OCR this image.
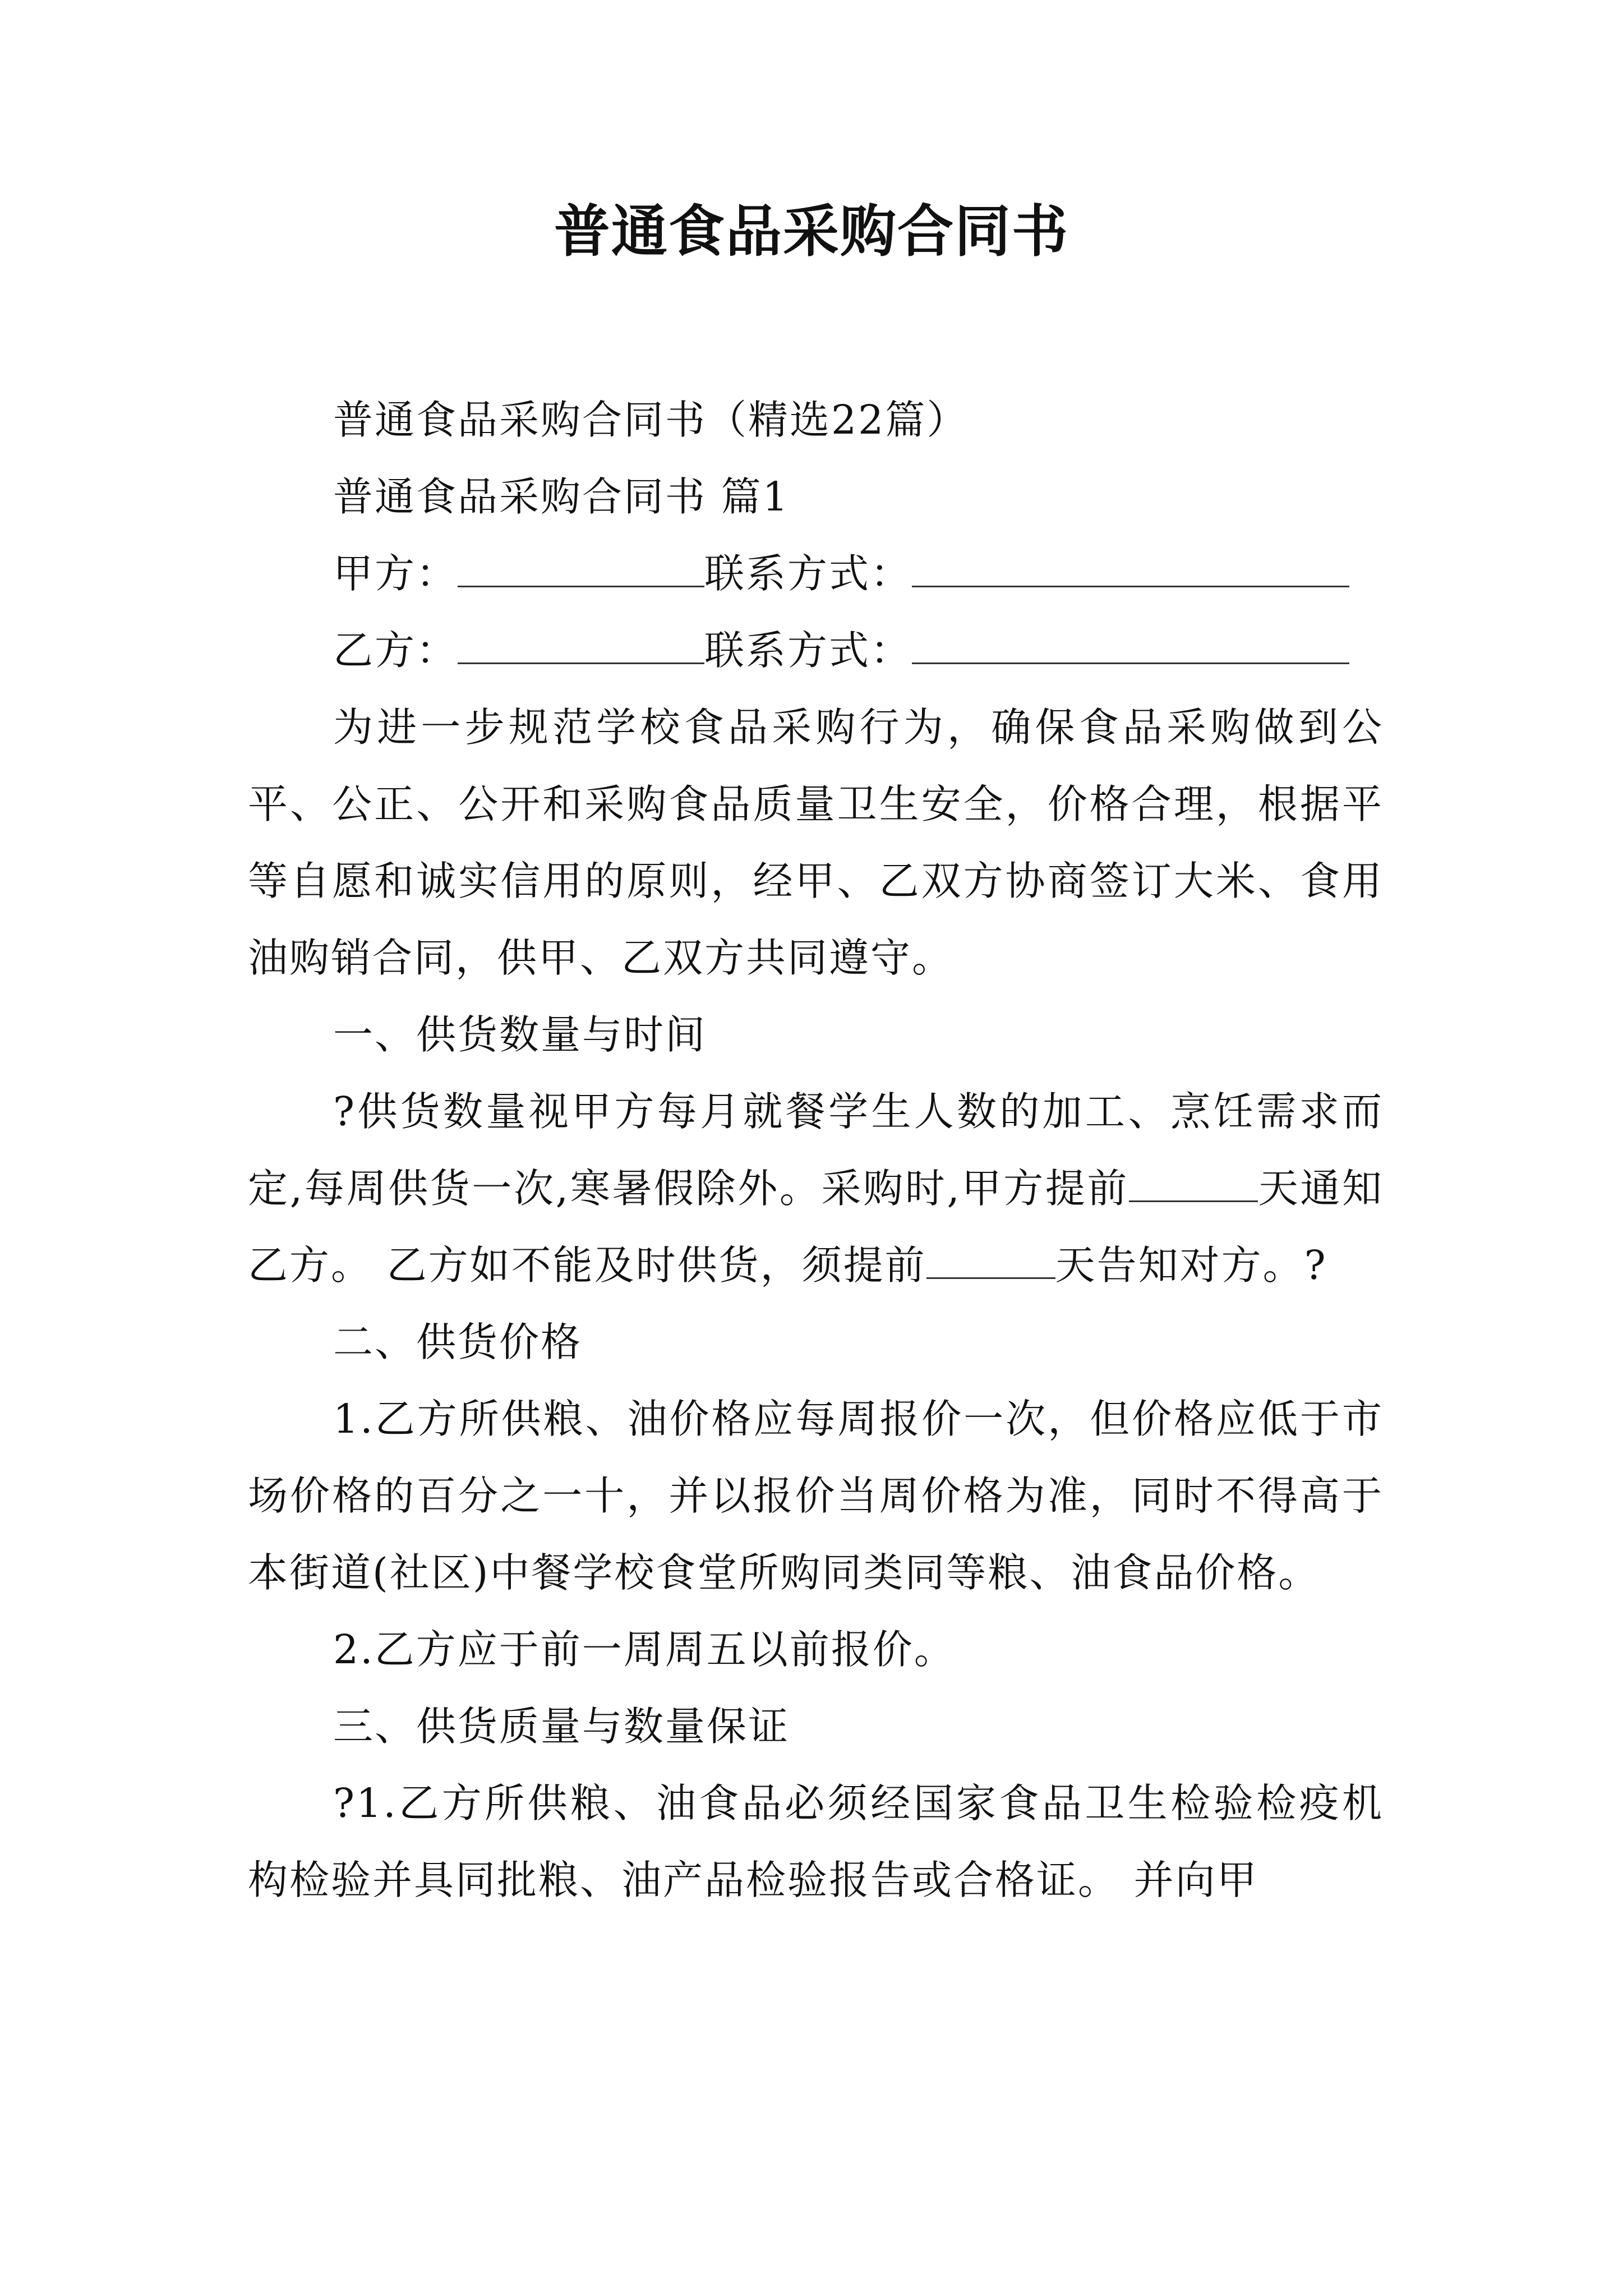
普通食品采购合同书

普通食品采购合同书（精选22篇）

普通食品采购合同书 篇1

甲方：	联系方式：

乙方：	联系方式：

为进一步规范学校食品采购行为，确保食品采购做到公平、公正、公开和采购食品质量卫生安全，价格合理，根据平等自愿和诚实信用的原则，经甲、乙双方协商签订大米、食用油购销合同，供甲、乙双方共同遵守。

一、供货数量与时间

?供货数量视甲方每月就餐学生人数的加工、烹饪需求而定,每周供货一次,寒暑假除外。采购时,甲方提前	天通知乙方。 乙方如不能及时供货，须提前	天告知对方。?

二、供货价格

1.乙方所供粮、油价格应每周报价一次，但价格应低于市场价格的百分之一十，并以报价当周价格为准，同时不得高于本街道(社区)中餐学校食堂所购同类同等粮、油食品价格。

2.乙方应于前一周周五以前报价。

三、供货质量与数量保证

?1.乙方所供粮、油食品必须经国家食品卫生检验检疫机构检验并具同批粮、油产品检验报告或合格证。 并向甲
